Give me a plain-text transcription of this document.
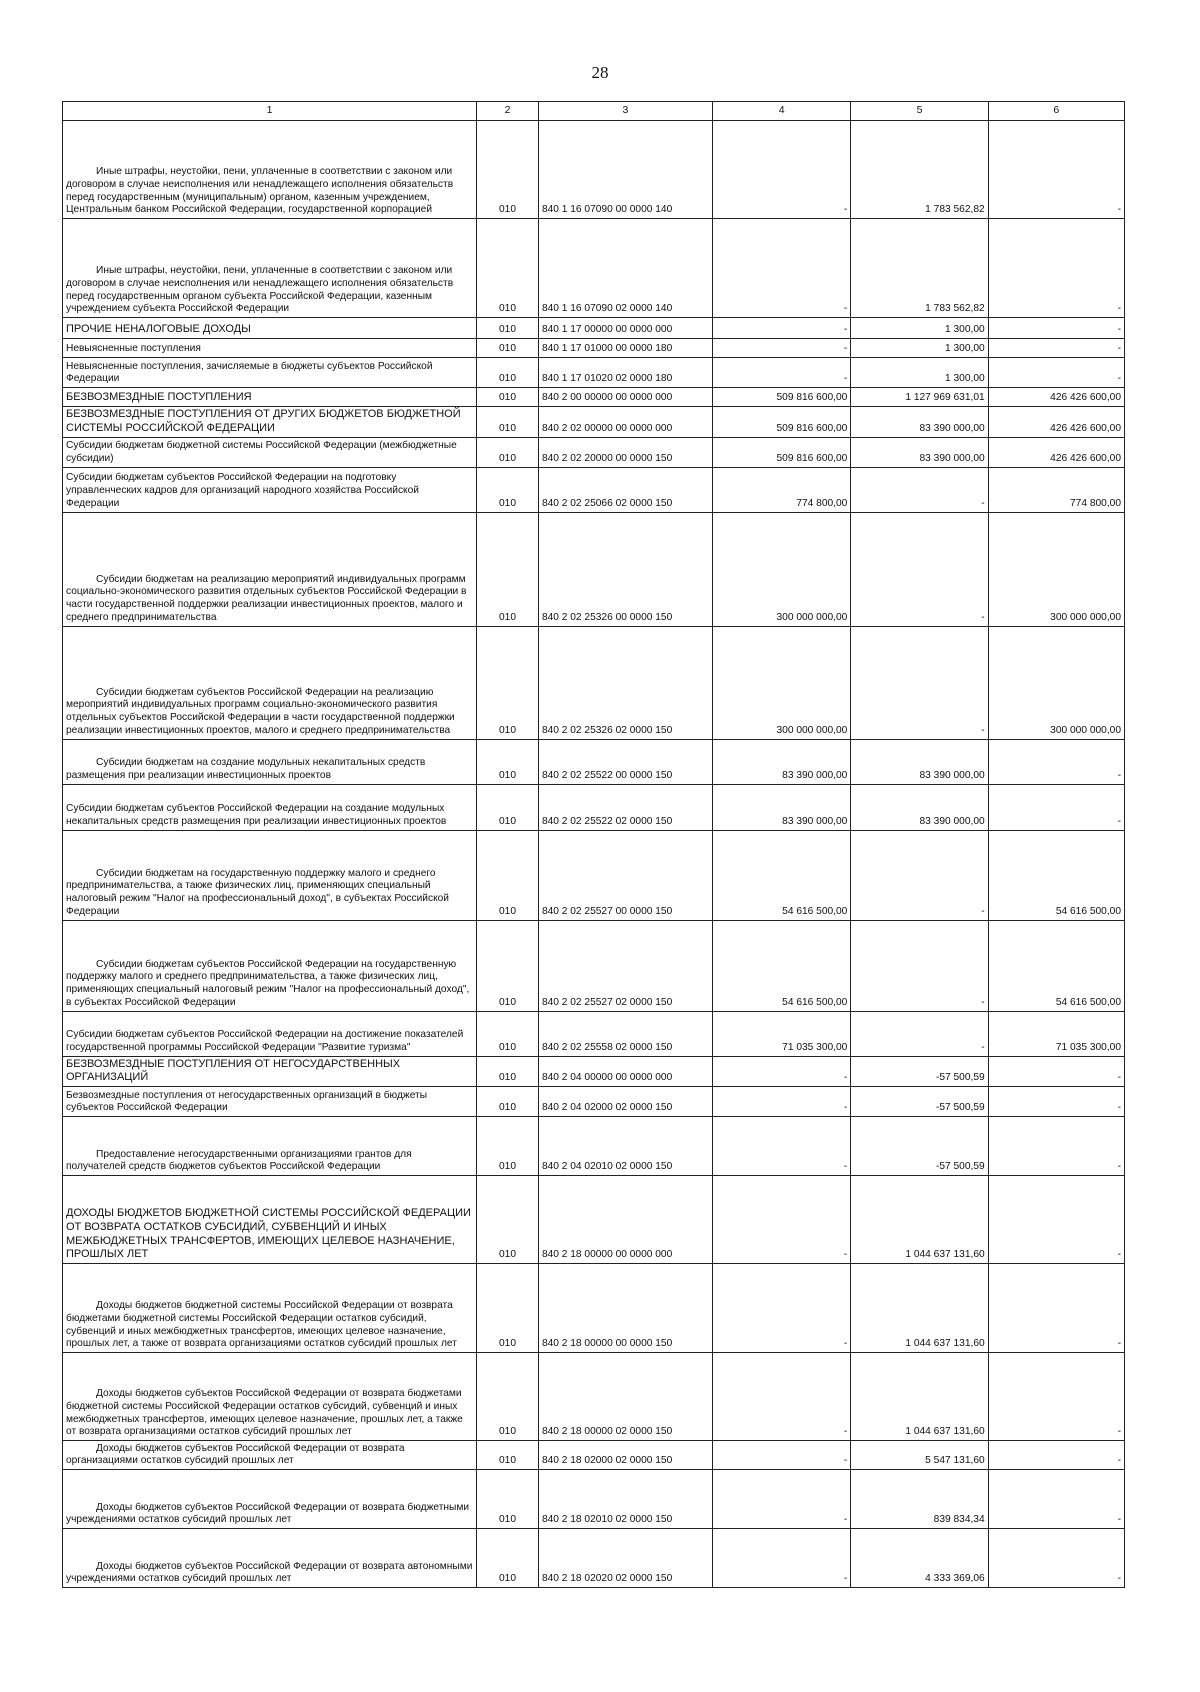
28
1	2	3	4	5	6

Иные штрафы, неустойки, пени, уплаченные в соответствии с законом или договором в случае неисполнения или ненадлежащего исполнения обязательств перед государственным (муниципальным) органом, казенным учреждением, Центральным банком Российской Федерации, государственной корпорацией	010	840 1 16 07090 00 0000 140	-	1 783 562,82	-

Иные штрафы, неустойки, пени, уплаченные в соответствии с законом или договором в случае неисполнения или ненадлежащего исполнения обязательств перед государственным органом субъекта Российской Федерации, казенным учреждением субъекта Российской Федерации	010	840 1 16 07090 02 0000 140	-	1 783 562,82	-
ПРОЧИЕ НЕНАЛОГОВЫЕ ДОХОДЫ	010	840 1 17 00000 00 0000 000	-	1 300,00	-
Невыясненные поступления	010	840 1 17 01000 00 0000 180	-	1 300,00	-
Невыясненные поступления, зачисляемые в бюджеты субъектов Российской Федерации	010	840 1 17 01020 02 0000 180	-	1 300,00	-
БЕЗВОЗМЕЗДНЫЕ ПОСТУПЛЕНИЯ	010	840 2 00 00000 00 0000 000	509 816 600,00	1 127 969 631,01	426 426 600,00
БЕЗВОЗМЕЗДНЫЕ ПОСТУПЛЕНИЯ ОТ ДРУГИХ БЮДЖЕТОВ БЮДЖЕТНОЙ СИСТЕМЫ РОССИЙСКОЙ ФЕДЕРАЦИИ	010	840 2 02 00000 00 0000 000	509 816 600,00	83 390 000,00	426 426 600,00
Субсидии бюджетам бюджетной системы Российской Федерации (межбюджетные субсидии)	010	840 2 02 20000 00 0000 150	509 816 600,00	83 390 000,00	426 426 600,00
Субсидии бюджетам субъектов Российской Федерации на подготовку управленческих кадров для организаций народного хозяйства Российской Федерации	010	840 2 02 25066 02 0000 150	774 800,00	-	774 800,00

Субсидии бюджетам на реализацию мероприятий индивидуальных программ социально-экономического развития отдельных субъектов Российской Федерации в части государственной поддержки реализации инвестиционных проектов, малого и среднего предпринимательства	010	840 2 02 25326 00 0000 150	300 000 000,00	-	300 000 000,00

Субсидии бюджетам субъектов Российской Федерации на реализацию мероприятий индивидуальных программ социально-экономического развития отдельных субъектов Российской Федерации в части государственной поддержки реализации инвестиционных проектов, малого и среднего предпринимательства	010	840 2 02 25326 02 0000 150	300 000 000,00	-	300 000 000,00

Субсидии бюджетам на создание модульных некапитальных средств размещения при реализации инвестиционных проектов	010	840 2 02 25522 00 0000 150	83 390 000,00	83 390 000,00	-
Субсидии бюджетам субъектов Российской Федерации на создание модульных некапитальных средств размещения при реализации инвестиционных проектов	010	840 2 02 25522 02 0000 150	83 390 000,00	83 390 000,00	-

Субсидии бюджетам на государственную поддержку малого и среднего предпринимательства, а также физических лиц, применяющих специальный налоговый режим "Налог на профессиональный доход", в субъектах Российской Федерации	010	840 2 02 25527 00 0000 150	54 616 500,00	-	54 616 500,00

Субсидии бюджетам субъектов Российской Федерации на государственную поддержку малого и среднего предпринимательства, а также физических лиц, применяющих специальный налоговый режим "Налог на профессиональный доход", в субъектах Российской Федерации	010	840 2 02 25527 02 0000 150	54 616 500,00	-	54 616 500,00
Субсидии бюджетам субъектов Российской Федерации на достижение показателей государственной программы Российской Федерации "Развитие туризма"	010	840 2 02 25558 02 0000 150	71 035 300,00	-	71 035 300,00
БЕЗВОЗМЕЗДНЫЕ ПОСТУПЛЕНИЯ ОТ НЕГОСУДАРСТВЕННЫХ ОРГАНИЗАЦИЙ	010	840 2 04 00000 00 0000 000	-	-57 500,59	-
Безвозмездные поступления от негосударственных организаций в бюджеты субъектов Российской Федерации	010	840 2 04 02000 02 0000 150	-	-57 500,59	-

Предоставление негосударственными организациями грантов для получателей средств бюджетов субъектов Российской Федерации	010	840 2 04 02010 02 0000 150	-	-57 500,59	-
ДОХОДЫ БЮДЖЕТОВ БЮДЖЕТНОЙ СИСТЕМЫ РОССИЙСКОЙ ФЕДЕРАЦИИ ОТ ВОЗВРАТА ОСТАТКОВ СУБСИДИЙ, СУБВЕНЦИЙ И ИНЫХ МЕЖБЮДЖЕТНЫХ ТРАНСФЕРТОВ, ИМЕЮЩИХ ЦЕЛЕВОЕ НАЗНАЧЕНИЕ, ПРОШЛЫХ ЛЕТ	010	840 2 18 00000 00 0000 000	-	1 044 637 131,60	-

Доходы бюджетов бюджетной системы Российской Федерации от возврата бюджетами бюджетной системы Российской Федерации остатков субсидий, субвенций и иных межбюджетных трансфертов, имеющих целевое назначение, прошлых лет, а также от возврата организациями остатков субсидий прошлых лет	010	840 2 18 00000 00 0000 150	-	1 044 637 131,60	-

Доходы бюджетов субъектов Российской Федерации от возврата бюджетами бюджетной системы Российской Федерации остатков субсидий, субвенций и иных межбюджетных трансфертов, имеющих целевое назначение, прошлых лет, а также от возврата организациями остатков субсидий прошлых лет	010	840 2 18 00000 02 0000 150	-	1 044 637 131,60	-

Доходы бюджетов субъектов Российской Федерации от возврата организациями остатков субсидий прошлых лет	010	840 2 18 02000 02 0000 150	-	5 547 131,60	-

Доходы бюджетов субъектов Российской Федерации от возврата бюджетными учреждениями остатков субсидий прошлых лет	010	840 2 18 02010 02 0000 150	-	839 834,34	-

Доходы бюджетов субъектов Российской Федерации от возврата автономными учреждениями остатков субсидий прошлых лет	010	840 2 18 02020 02 0000 150	-	4 333 369,06	-
